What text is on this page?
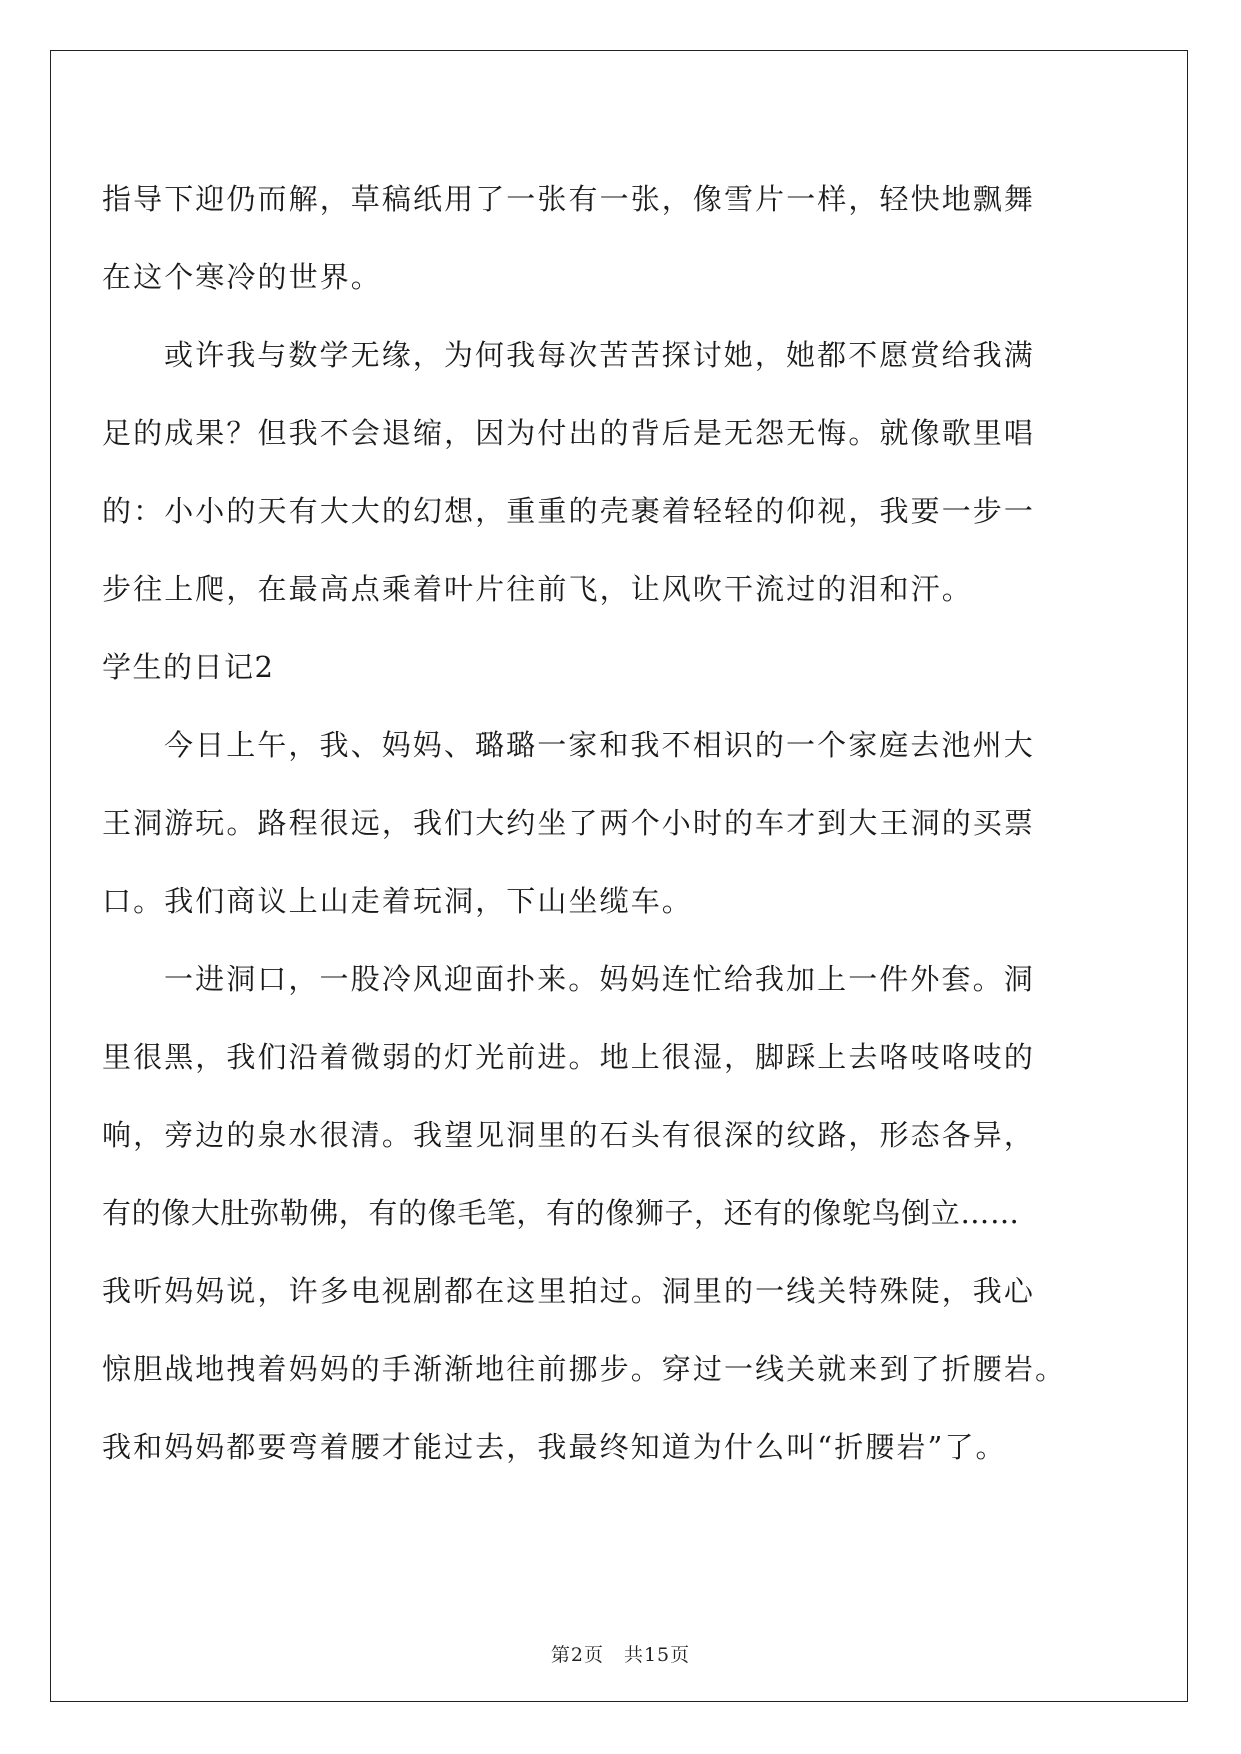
指导下迎仍而解，草稿纸用了一张有一张，像雪片一样，轻快地飘舞
在这个寒冷的世界。
或许我与数学无缘，为何我每次苦苦探讨她，她都不愿赏给我满
足的成果？但我不会退缩，因为付出的背后是无怨无悔。就像歌里唱
的：小小的天有大大的幻想，重重的壳裹着轻轻的仰视，我要一步一
步往上爬，在最高点乘着叶片往前飞，让风吹干流过的泪和汗。
学生的日记2
今日上午，我、妈妈、璐璐一家和我不相识的一个家庭去池州大
王洞游玩。路程很远，我们大约坐了两个小时的车才到大王洞的买票
口。我们商议上山走着玩洞，下山坐缆车。
一进洞口，一股冷风迎面扑来。妈妈连忙给我加上一件外套。洞
里很黑，我们沿着微弱的灯光前进。地上很湿，脚踩上去咯吱咯吱的
响，旁边的泉水很清。我望见洞里的石头有很深的纹路，形态各异，
有的像大肚弥勒佛，有的像毛笔，有的像狮子，还有的像鸵鸟倒立……
我听妈妈说，许多电视剧都在这里拍过。洞里的一线关特殊陡，我心
惊胆战地拽着妈妈的手渐渐地往前挪步。穿过一线关就来到了折腰岩。
我和妈妈都要弯着腰才能过去，我最终知道为什么叫“折腰岩”了。
第2页　共15页
